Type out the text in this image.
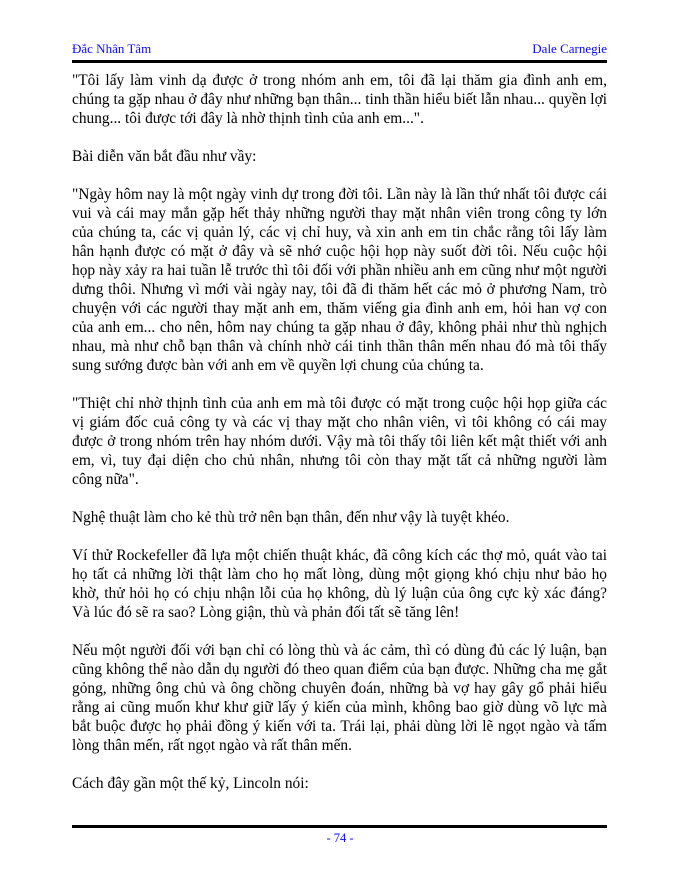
Đắc Nhân Tâm	Dale Carnegie

"Tôi lấy làm vinh dạ được ở trong nhóm anh em, tôi đã lại thăm gia đình anh em, chúng ta gặp nhau ở đây như những bạn thân... tinh thần hiểu biết lẫn nhau... quyền lợi chung... tôi được tới đây là nhờ thịnh tình của anh em...".

Bài diễn văn bắt đầu như vầy:

"Ngày hôm nay là một ngày vinh dự trong đời tôi. Lần này là lần thứ nhất tôi được cái vui và cái may mắn gặp hết thảy những người thay mặt nhân viên trong công ty lớn của chúng ta, các vị quản lý, các vị chỉ huy, và xin anh em tin chắc rằng tôi lấy làm hân hạnh được có mặt ở đây và sẽ nhớ cuộc hội họp này suốt đời tôi. Nếu cuộc hội họp này xảy ra hai tuần lễ trước thì tôi đối với phần nhiều anh em cũng như một người dưng thôi. Nhưng vì mới vài ngày nay, tôi đã đi thăm hết các mỏ ở phương Nam, trò chuyện với các người thay mặt anh em, thăm viếng gia đình anh em, hỏi han vợ con của anh em... cho nên, hôm nay chúng ta gặp nhau ở đây, không phải như thù nghịch nhau, mà như chỗ bạn thân và chính nhờ cái tinh thần thân mến nhau đó mà tôi thấy sung sướng được bàn với anh em về quyền lợi chung của chúng ta.

"Thiệt chỉ nhờ thịnh tình của anh em mà tôi được có mặt trong cuộc hội họp giữa các vị giám đốc cuả công ty và các vị thay mặt cho nhân viên, vì tôi không có cái may được ở trong nhóm trên hay nhóm dưới. Vậy mà tôi thấy tôi liên kết mật thiết với anh em, vì, tuy đại diện cho chủ nhân, nhưng tôi còn thay mặt tất cả những người làm công nữa".

Nghệ thuật làm cho kẻ thù trở nên bạn thân, đến như vậy là tuyệt khéo.

Ví thử Rockefeller đã lựa một chiến thuật khác, đã công kích các thợ mỏ, quát vào tai họ tất cả những lời thật làm cho họ mất lòng, dùng một giọng khó chịu như bảo họ khờ, thử hỏi họ có chịu nhận lỗi của họ không, dù lý luận của ông cực kỳ xác đáng? Và lúc đó sẽ ra sao? Lòng giận, thù và phản đối tất sẽ tăng lên!

Nếu một người đối với bạn chỉ có lòng thù và ác cảm, thì có dùng đủ các lý luận, bạn cũng không thể nào dẫn dụ người đó theo quan điểm của bạn được. Những cha mẹ gắt gỏng, những ông chủ và ông chồng chuyên đoán, những bà vợ hay gây gổ phải hiểu rằng ai cũng muốn khư khư giữ lấy ý kiến của mình, không bao giờ dùng võ lực mà bắt buộc được họ phải đồng ý kiến với ta. Trái lại, phải dùng lời lẽ ngọt ngào và tấm lòng thân mến, rất ngọt ngào và rất thân mến.

Cách đây gần một thế kỷ, Lincoln nói:

- 74 -
